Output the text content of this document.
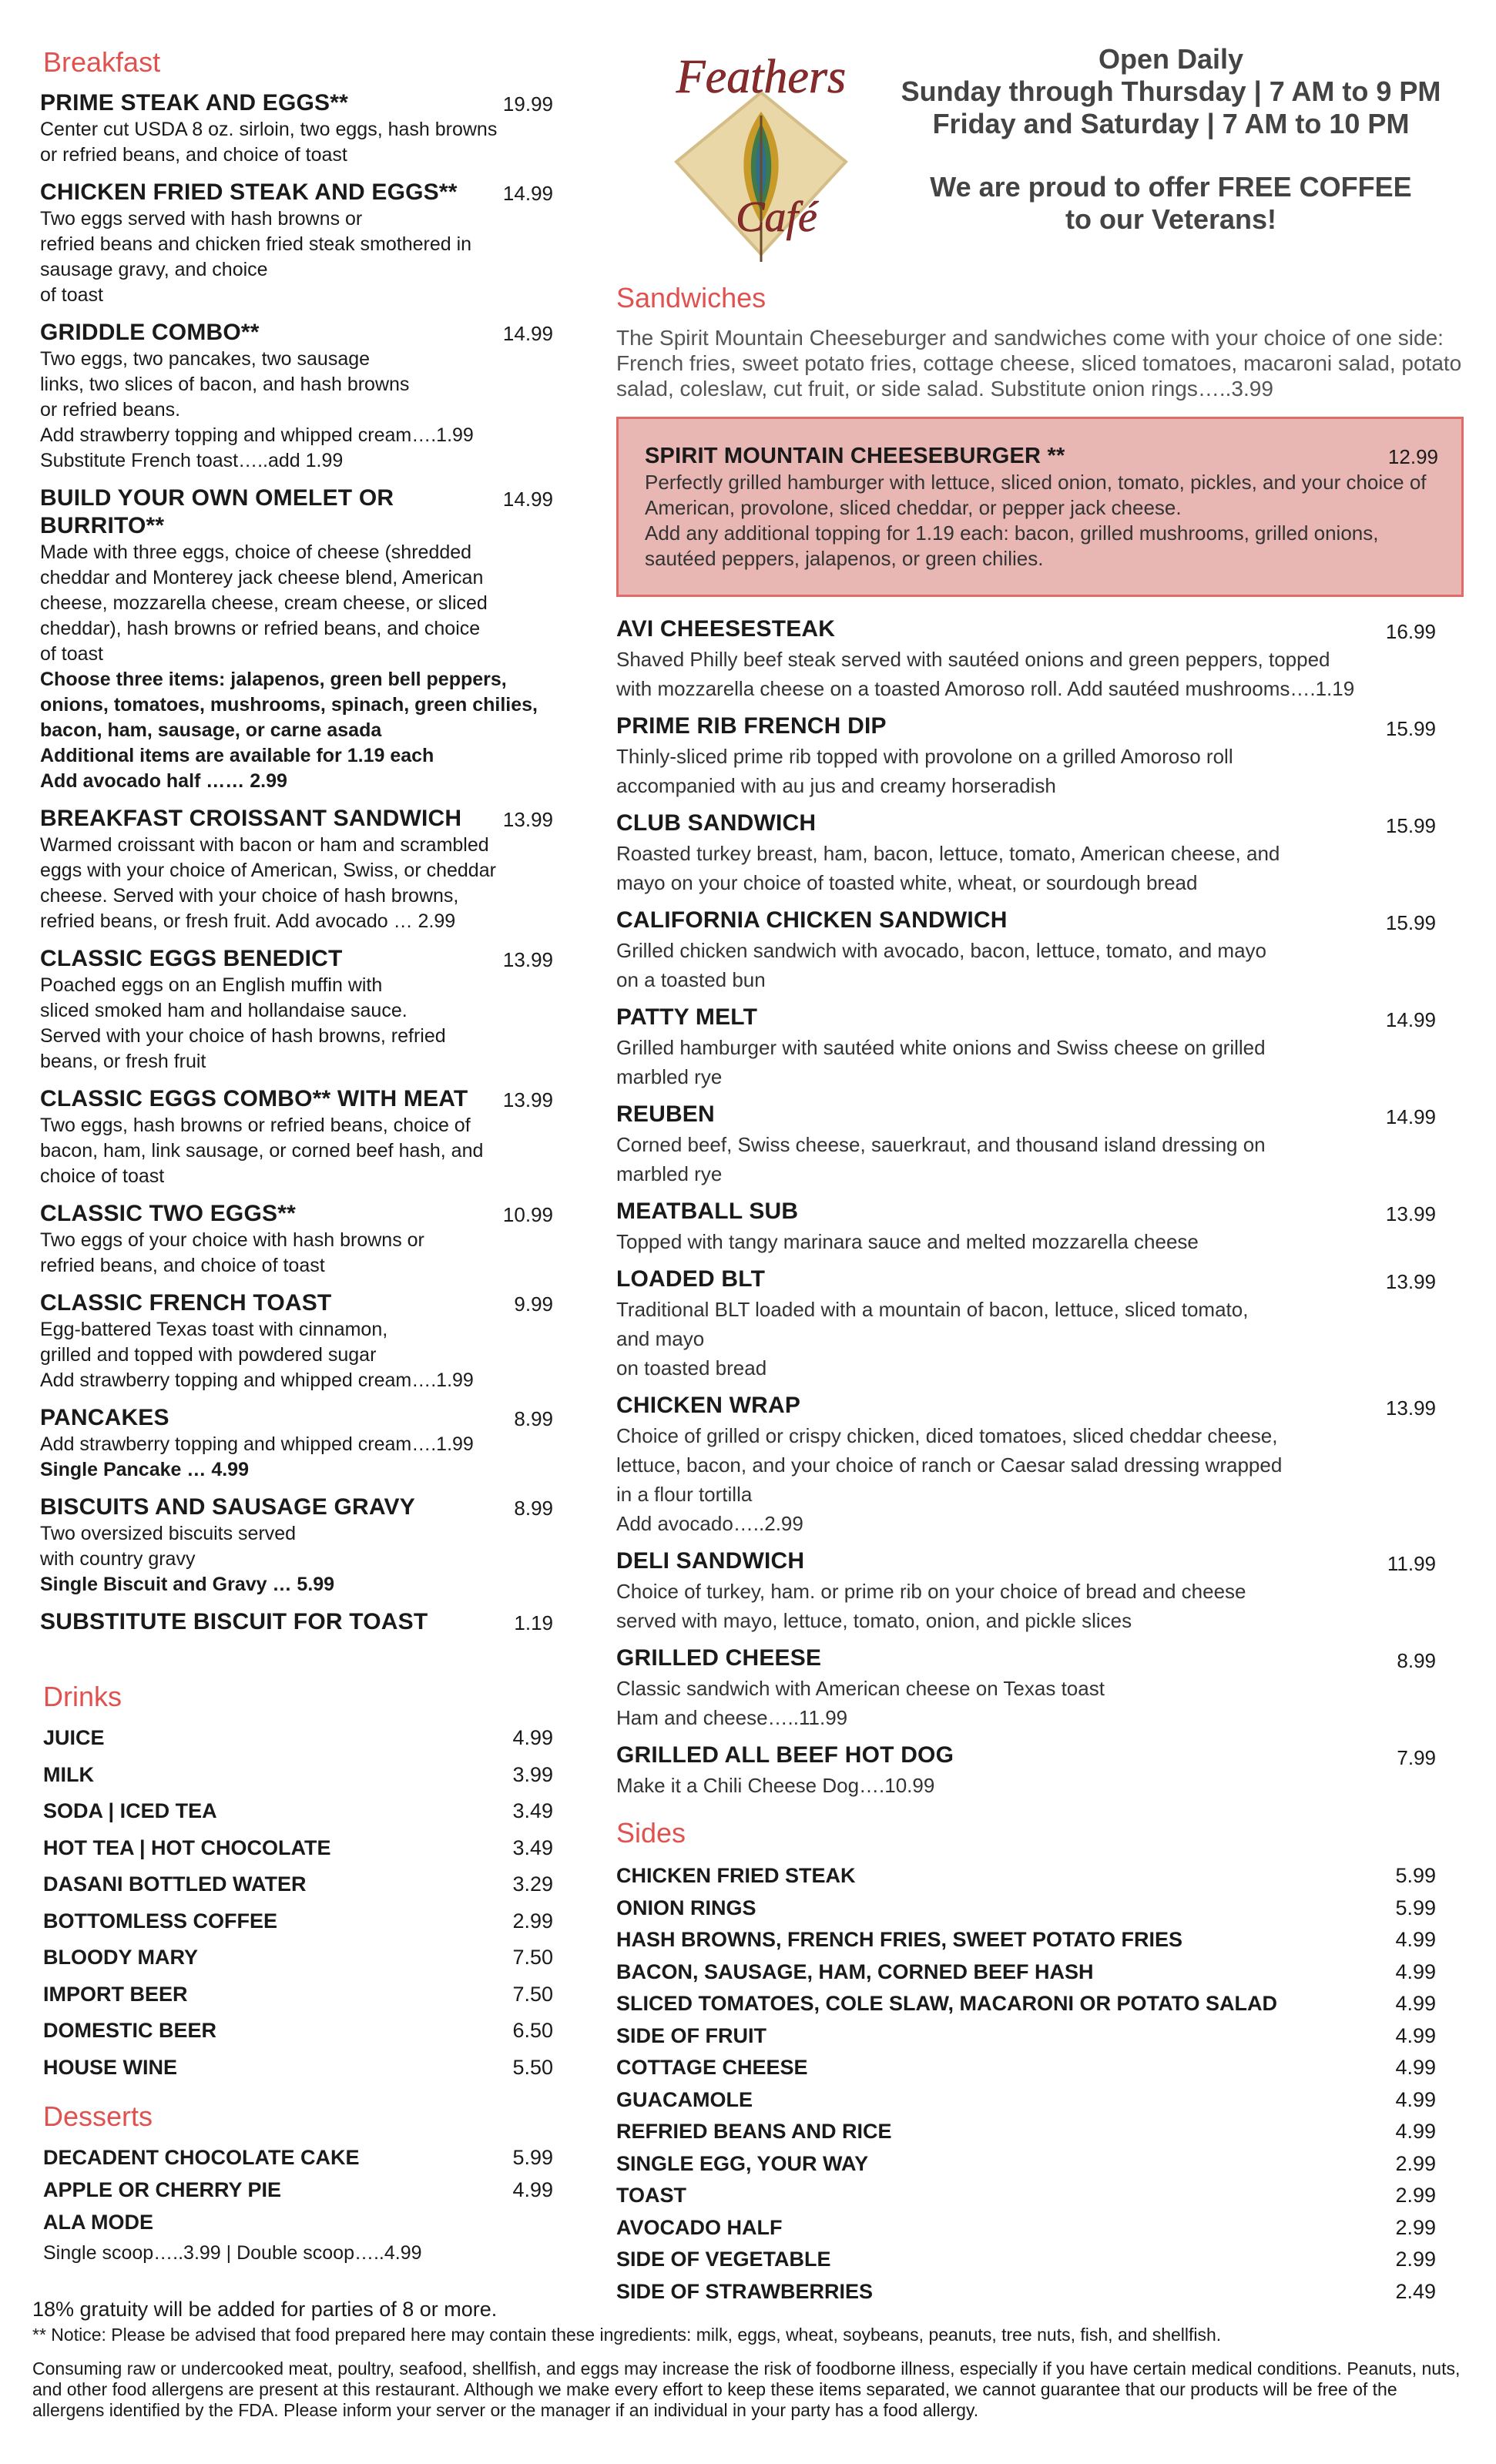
Feathers
Café
Open Daily
Sunday through Thursday | 7 AM to 9 PM
Friday and Saturday | 7 AM to 10 PM
We are proud to offer FREE COFFEE
to our Veterans!
Breakfast
PRIME STEAK AND EGGS**	19.99
Center cut USDA 8 oz. sirloin, two eggs, hash browns
or refried beans, and choice of toast
CHICKEN FRIED STEAK AND EGGS**	14.99
Two eggs served with hash browns or
refried beans and chicken fried steak smothered in
sausage gravy, and choice
of toast
GRIDDLE COMBO**	14.99
Two eggs, two pancakes, two sausage
links, two slices of bacon, and hash browns
or refried beans.
Add strawberry topping and whipped cream….1.99
Substitute French toast…..add 1.99
BUILD YOUR OWN OMELET OR
BURRITO**
14.99
Made with three eggs, choice of cheese (shredded
cheddar and Monterey jack cheese blend, American
cheese, mozzarella cheese, cream cheese, or sliced
cheddar), hash browns or refried beans, and choice
of toast
Choose three items: jalapenos, green bell peppers,
onions, tomatoes, mushrooms, spinach, green chilies,
bacon, ham, sausage, or carne asada
Additional items are available for 1.19 each
Add avocado half …… 2.99
BREAKFAST CROISSANT SANDWICH	13.99
Warmed croissant with bacon or ham and scrambled
eggs with your choice of American, Swiss, or cheddar
cheese. Served with your choice of hash browns,
refried beans, or fresh fruit. Add avocado … 2.99
CLASSIC EGGS BENEDICT	13.99
Poached eggs on an English muffin with
sliced smoked ham and hollandaise sauce.
Served with your choice of hash browns, refried
beans, or fresh fruit
CLASSIC EGGS COMBO** WITH MEAT	13.99
Two eggs, hash browns or refried beans, choice of
bacon, ham, link sausage, or corned beef hash, and
choice of toast
CLASSIC TWO EGGS**	10.99
Two eggs of your choice with hash browns or
refried beans, and choice of toast
CLASSIC FRENCH TOAST	9.99
Egg-battered Texas toast with cinnamon,
grilled and topped with powdered sugar
Add strawberry topping and whipped cream….1.99
PANCAKES	8.99
Add strawberry topping and whipped cream….1.99
Single Pancake … 4.99
BISCUITS AND SAUSAGE GRAVY	8.99
Two oversized biscuits served
with country gravy
Single Biscuit and Gravy … 5.99
SUBSTITUTE BISCUIT FOR TOAST	1.19
Drinks
JUICE	4.99
MILK	3.99
SODA | ICED TEA	3.49
HOT TEA | HOT CHOCOLATE	3.49
DASANI BOTTLED WATER	3.29
BOTTOMLESS COFFEE	2.99
BLOODY MARY	7.50
IMPORT BEER	7.50
DOMESTIC BEER	6.50
HOUSE WINE	5.50
Desserts
DECADENT CHOCOLATE CAKE	5.99
APPLE OR CHERRY PIE	4.99
ALA MODE
Single scoop…..3.99 | Double scoop…..4.99
Sandwiches
The Spirit Mountain Cheeseburger and sandwiches come with your choice of one side: French fries, sweet potato fries, cottage cheese, sliced tomatoes, macaroni salad, potato salad, coleslaw, cut fruit, or side salad. Substitute onion rings…..3.99
SPIRIT MOUNTAIN CHEESEBURGER **	12.99
Perfectly grilled hamburger with lettuce, sliced onion, tomato, pickles, and your choice of American, provolone, sliced cheddar, or pepper jack cheese.
Add any additional topping for 1.19 each: bacon, grilled mushrooms, grilled onions, sautéed peppers, jalapenos, or green chilies.
AVI CHEESESTEAK	16.99
Shaved Philly beef steak served with sautéed onions and green peppers, topped
with mozzarella cheese on a toasted Amoroso roll. Add sautéed mushrooms….1.19
PRIME RIB FRENCH DIP	15.99
Thinly-sliced prime rib topped with provolone on a grilled Amoroso roll
accompanied with au jus and creamy horseradish
CLUB SANDWICH	15.99
Roasted turkey breast, ham, bacon, lettuce, tomato, American cheese, and
mayo on your choice of toasted white, wheat, or sourdough bread
CALIFORNIA CHICKEN SANDWICH	15.99
Grilled chicken sandwich with avocado, bacon, lettuce, tomato, and mayo
on a toasted bun
PATTY MELT	14.99
Grilled hamburger with sautéed white onions and Swiss cheese on grilled
marbled rye
REUBEN	14.99
Corned beef, Swiss cheese, sauerkraut, and thousand island dressing on
marbled rye
MEATBALL SUB	13.99
Topped with tangy marinara sauce and melted mozzarella cheese
LOADED BLT	13.99
Traditional BLT loaded with a mountain of bacon, lettuce, sliced tomato,
and mayo
on toasted bread
CHICKEN WRAP	13.99
Choice of grilled or crispy chicken, diced tomatoes, sliced cheddar cheese,
lettuce, bacon, and your choice of ranch or Caesar salad dressing wrapped
in a flour tortilla
Add avocado…..2.99
DELI SANDWICH	11.99
Choice of turkey, ham. or prime rib on your choice of bread and cheese
served with mayo, lettuce, tomato, onion, and pickle slices
GRILLED CHEESE	8.99
Classic sandwich with American cheese on Texas toast
Ham and cheese…..11.99
GRILLED ALL BEEF HOT DOG	7.99
Make it a Chili Cheese Dog….10.99
Sides
CHICKEN FRIED STEAK	5.99
ONION RINGS	5.99
HASH BROWNS, FRENCH FRIES, SWEET POTATO FRIES	4.99
BACON, SAUSAGE, HAM, CORNED BEEF HASH	4.99
SLICED TOMATOES, COLE SLAW, MACARONI OR POTATO SALAD	4.99
SIDE OF FRUIT	4.99
COTTAGE CHEESE	4.99
GUACAMOLE	4.99
REFRIED BEANS AND RICE	4.99
SINGLE EGG, YOUR WAY	2.99
TOAST	2.99
AVOCADO HALF	2.99
SIDE OF VEGETABLE	2.99
SIDE OF STRAWBERRIES	2.49
18% gratuity will be added for parties of 8 or more.
** Notice: Please be advised that food prepared here may contain these ingredients: milk, eggs, wheat, soybeans, peanuts, tree nuts, fish, and shellfish.
Consuming raw or undercooked meat, poultry, seafood, shellfish, and eggs may increase the risk of foodborne illness, especially if you have certain medical conditions. Peanuts, nuts, and other food allergens are present at this restaurant. Although we make every effort to keep these items separated, we cannot guarantee that our products will be free of the allergens identified by the FDA. Please inform your server or the manager if an individual in your party has a food allergy.
